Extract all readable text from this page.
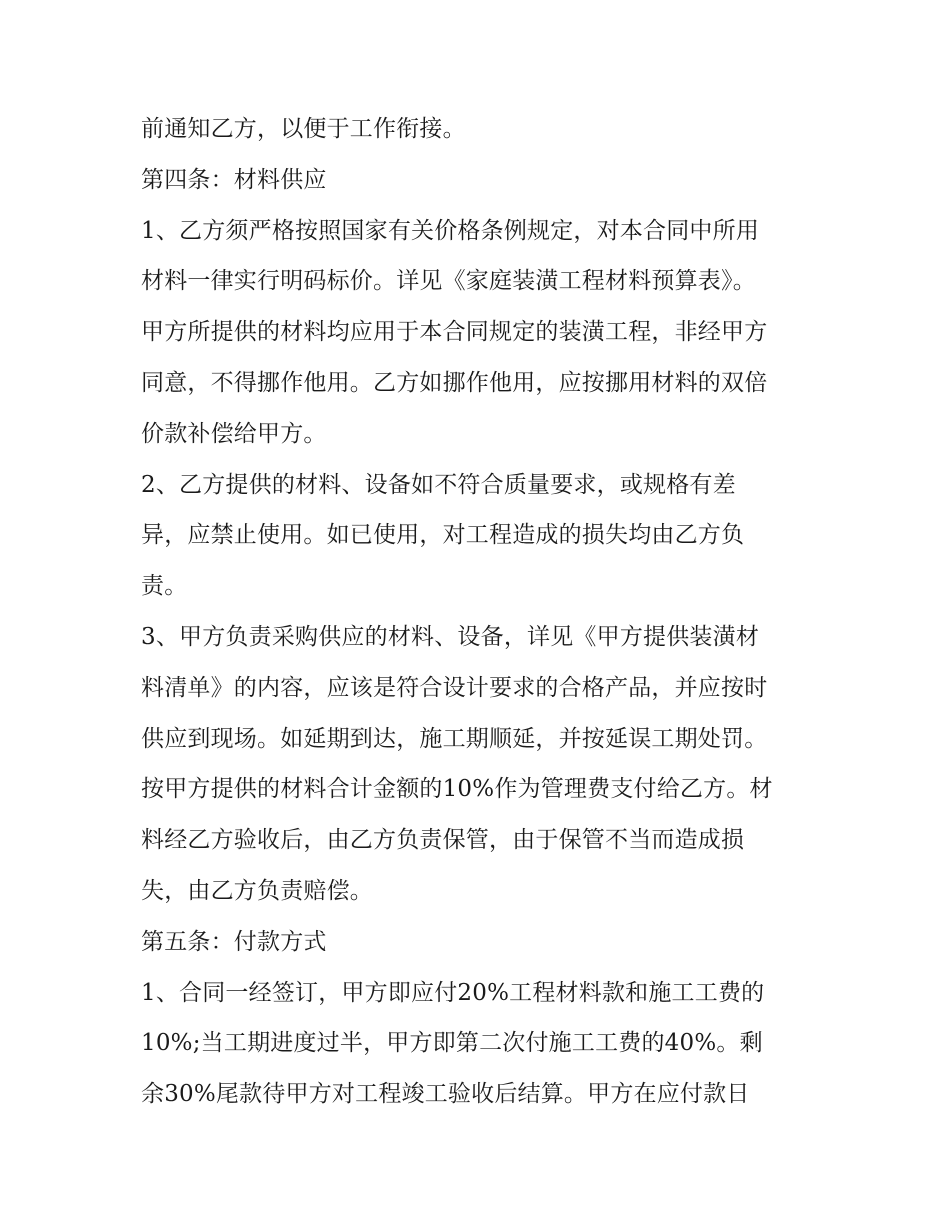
前通知乙方，以便于工作衔接。
第四条：材料供应
1、乙方须严格按照国家有关价格条例规定，对本合同中所用
材料一律实行明码标价。详见《家庭装潢工程材料预算表》。
甲方所提供的材料均应用于本合同规定的装潢工程，非经甲方
同意，不得挪作他用。乙方如挪作他用，应按挪用材料的双倍
价款补偿给甲方。
2、乙方提供的材料、设备如不符合质量要求，或规格有差
异，应禁止使用。如已使用，对工程造成的损失均由乙方负
责。
3、甲方负责采购供应的材料、设备，详见《甲方提供装潢材
料清单》的内容，应该是符合设计要求的合格产品，并应按时
供应到现场。如延期到达，施工期顺延，并按延误工期处罚。
按甲方提供的材料合计金额的10%作为管理费支付给乙方。材
料经乙方验收后，由乙方负责保管，由于保管不当而造成损
失，由乙方负责赔偿。
第五条：付款方式
1、合同一经签订，甲方即应付20%工程材料款和施工工费的
10%;当工期进度过半，甲方即第二次付施工工费的40%。剩
余30%尾款待甲方对工程竣工验收后结算。甲方在应付款日
